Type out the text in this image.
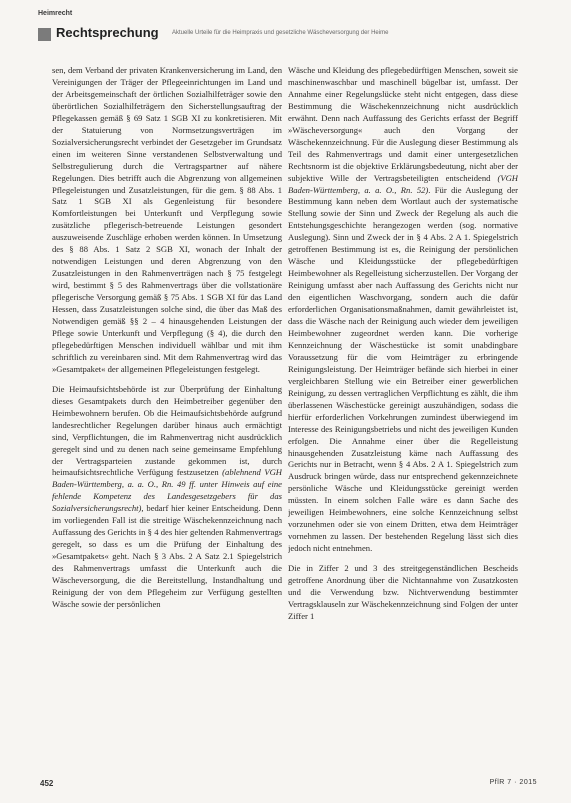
Heimrecht
Rechtsprechung Aktuelle Urteile für die Heimpraxis und gesetzliche Wäscheversorgung der Heime

sen, dem Verband der privaten Krankenversicherung im Land, den Vereinigungen der Träger der Pflegeeinrichtungen im Land und der Arbeitsgemeinschaft der örtlichen Sozialhilfeträger sowie den überörtlichen Sozialhilfeträgern den Sicherstellungsauftrag der Pflegekassen gemäß § 69 Satz 1 SGB XI zu konkretisieren. Mit der Statuierung von Normsetzungsverträgen im Sozialversicherungsrecht verbindet der Gesetzgeber im Grundsatz einen im weiteren Sinne verstandenen Selbstverwaltung und Selbstregulierung durch die Vertragspartner auf nähere Regelungen. Dies betrifft auch die Abgrenzung von allgemeinen Pflegeleistungen und Zusatzleistungen, für die gem. § 88 Abs. 1 Satz 1 SGB XI als Gegenleistung für besondere Komfortleistungen bei Unterkunft und Verpflegung sowie zusätzliche pflegerisch-betreuende Leistungen gesondert auszuweisende Zuschläge erhoben werden können. In Umsetzung des § 88 Abs. 1 Satz 2 SGB XI, wonach der Inhalt der notwendigen Leistungen und deren Abgrenzung von den Zusatzleistungen in den Rahmenverträgen nach § 75 festgelegt wird, bestimmt § 5 des Rahmenvertrags über die vollstationäre pflegerische Versorgung gemäß § 75 Abs. 1 SGB XI für das Land Hessen, dass Zusatzleistungen solche sind, die über das Maß des Notwendigen gemäß §§ 2 – 4 hinausgehenden Leistungen der Pflege sowie Unterkunft und Verpflegung (§ 4), die durch den pflegebedürftigen Menschen individuell wählbar und mit ihm schriftlich zu vereinbaren sind. Mit dem Rahmenvertrag wird das »Gesamtpaket« der allgemeinen Pflegeleistungen festgelegt.

Die Heimaufsichtsbehörde ist zur Überprüfung der Einhaltung dieses Gesamtpakets durch den Heimbetreiber gegenüber den Heimbewohnern berufen. Ob die Heimaufsichtsbehörde aufgrund landesrechtlicher Regelungen darüber hinaus auch ermächtigt sind, Verpflichtungen, die im Rahmenvertrag nicht ausdrücklich geregelt sind und zu denen nach seine gemeinsame Empfehlung der Vertragsparteien zustande gekommen ist, durch heimaufsichtsrechtliche Verfügung festzusetzen (ablehnend VGH Baden-Württemberg, a. a. O., Rn. 49 ff. unter Hinweis auf eine fehlende Kompetenz des Landesgesetzgebers für das Sozialversicherungsrecht), bedarf hier keiner Entscheidung. Denn im vorliegenden Fall ist die streitige Wäschekennzeichnung nach Auffassung des Gerichts in § 4 des hier geltenden Rahmenvertrags geregelt, so dass es um die Prüfung der Einhaltung des »Gesamtpakets« geht. Nach § 3 Abs. 2 A Satz 2.1 Spiegelstrich des Rahmenvertrags umfasst die Unterkunft auch die Wäscheversorgung, die die Bereitstellung, Instandhaltung und Reinigung der von dem Pflegeheim zur Verfügung gestellten Wäsche sowie der persönlichen

Wäsche und Kleidung des pflegebedürftigen Menschen, soweit sie maschinenwaschbar und maschinell bügelbar ist, umfasst. Der Annahme einer Regelungslücke steht nicht entgegen, dass diese Bestimmung die Wäschekennzeichnung nicht ausdrücklich erwähnt. Denn nach Auffassung des Gerichts erfasst der Begriff »Wäscheversorgung« auch den Vorgang der Wäschekennzeichnung. Für die Auslegung dieser Bestimmung als Teil des Rahmenvertrags und damit einer untergesetzlichen Rechtsnorm ist die objektive Erklärungsbedeutung, nicht aber der subjektive Wille der Vertragsbeteiligten entscheidend (VGH Baden-Württemberg, a. a. O., Rn. 52). Für die Auslegung der Bestimmung kann neben dem Wortlaut auch der systematische Stellung sowie der Sinn und Zweck der Regelung als auch die Entstehungsgeschichte herangezogen werden (sog. normative Auslegung). Sinn und Zweck der in § 4 Abs. 2 A 1. Spiegelstrich getroffenen Bestimmung ist es, die Reinigung der persönlichen Wäsche und Kleidungsstücke der pflegebedürftigen Heimbewohner als Regelleistung sicherzustellen. Der Vorgang der Reinigung umfasst aber nach Auffassung des Gerichts nicht nur den eigentlichen Waschvorgang, sondern auch die dafür erforderlichen Organisationsmaßnahmen, damit gewährleistet ist, dass die Wäsche nach der Reinigung auch wieder dem jeweiligen Heimbewohner zugeordnet werden kann. Die vorherige Kennzeichnung der Wäschestücke ist somit unabdingbare Voraussetzung für die vom Heimträger zu erbringende Reinigungsleistung. Der Heimträger befände sich hierbei in einer vergleichbaren Stellung wie ein Betreiber einer gewerblichen Reinigung, zu dessen vertraglichen Verpflichtung es zählt, die ihm überlassenen Wäschestücke gereinigt auszuhändigen, sodass die hierfür erforderlichen Vorkehrungen zumindest überwiegend im Interesse des Reinigungsbetriebs und nicht des jeweiligen Kunden erfolgen. Die Annahme einer über die Regelleistung hinausgehenden Zusatzleistung käme nach Auffassung des Gerichts nur in Betracht, wenn § 4 Abs. 2 A 1. Spiegelstrich zum Ausdruck bringen würde, dass nur entsprechend gekennzeichnete persönliche Wäsche und Kleidungsstücke gereinigt werden müssten. In einem solchen Falle wäre es dann Sache des jeweiligen Heimbewohners, eine solche Kennzeichnung selbst vorzunehmen oder sie von einem Dritten, etwa dem Heimträger vornehmen zu lassen. Der bestehenden Regelung lässt sich dies jedoch nicht entnehmen.

Die in Ziffer 2 und 3 des streitgegenständlichen Bescheids getroffene Anordnung über die Nichtannahme von Zusatzkosten und die Verwendung bzw. Nichtverwendung bestimmter Vertragsklauseln zur Wäschekennzeichnung sind Folgen der unter Ziffer 1

452	PflR 7 · 2015
